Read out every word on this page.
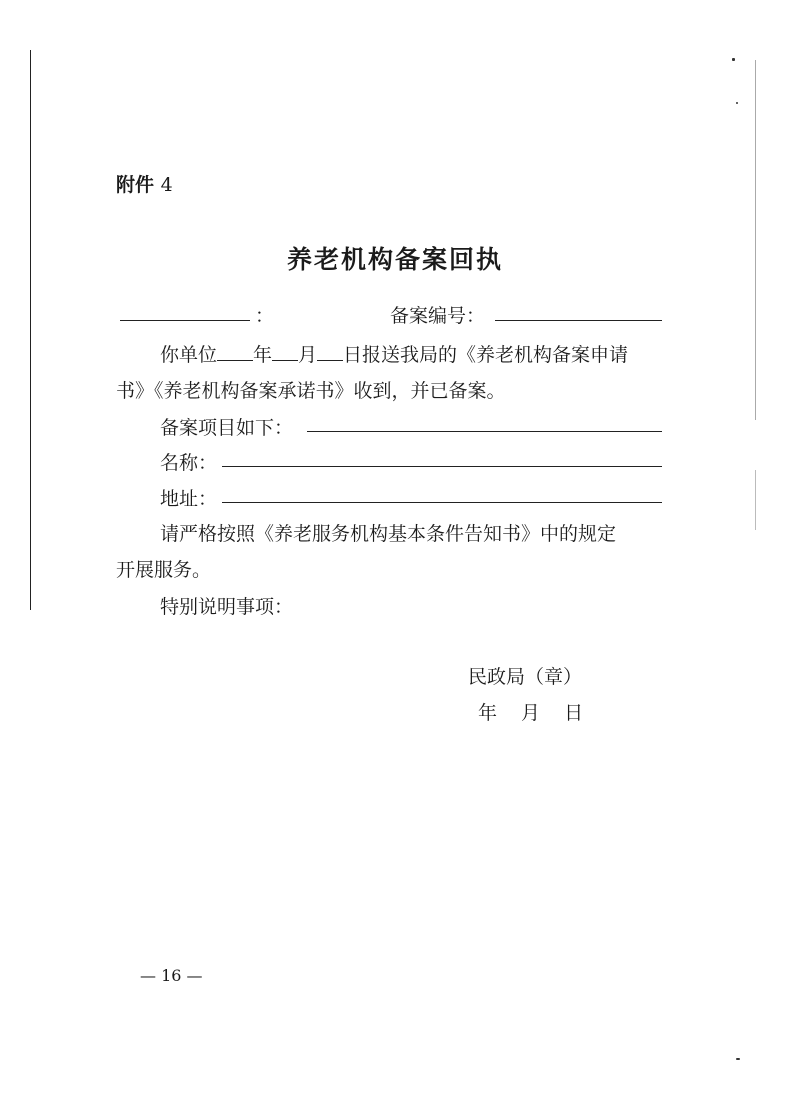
附件 4
养老机构备案回执
：	备案编号：
你单位 年 月 日报送我局的《养老机构备案申请
书》《养老机构备案承诺书》收到，并已备案。
备案项目如下：
名称：
地址：
请严格按照《养老服务机构基本条件告知书》中的规定
开展服务。
特别说明事项：
民政局（章）
年 月 日
— 16 —
